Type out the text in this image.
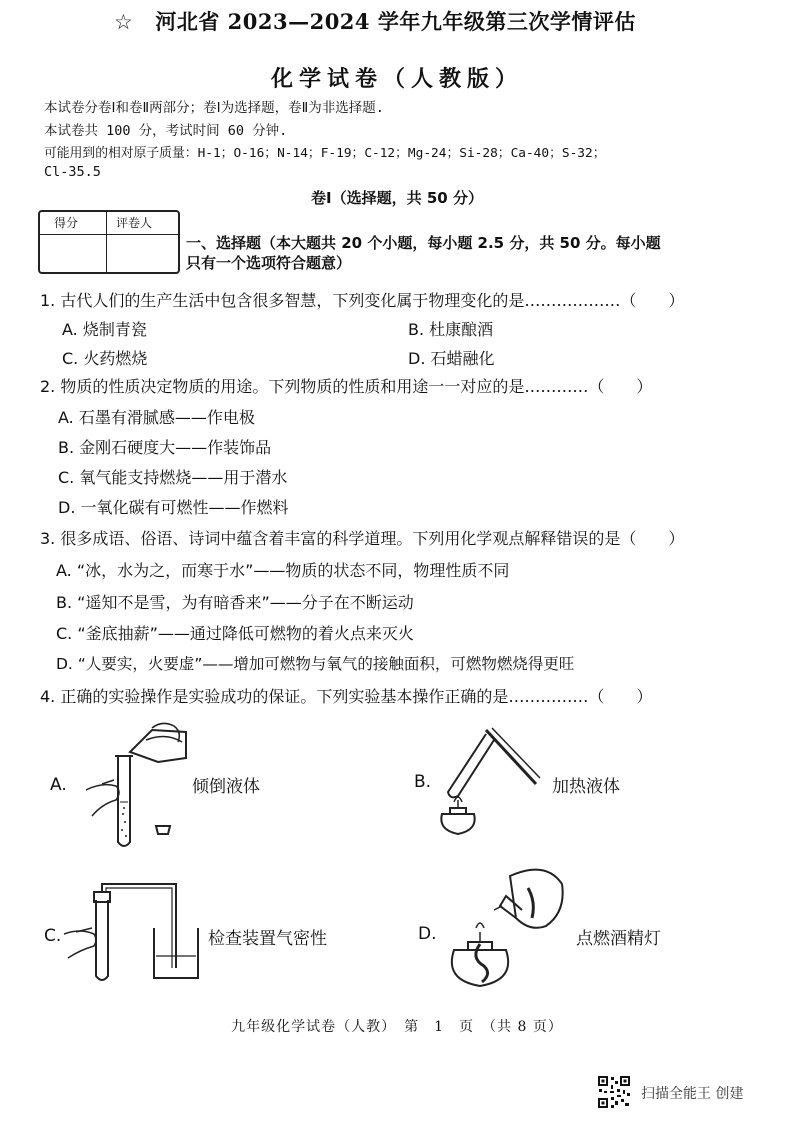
☆ 河北省 2023—2024 学年九年级第三次学情评估
化学试卷（人教版）
本试卷分卷Ⅰ和卷Ⅱ两部分；卷Ⅰ为选择题，卷Ⅱ为非选择题.
本试卷共 100 分，考试时间 60 分钟.
可能用到的相对原子质量：H-1；O-16；N-14；F-19；C-12；Mg-24；Si-28；Ca-40；S-32；
Cl-35.5
卷Ⅰ（选择题，共 50 分）
得分	评卷人
一、选择题（本大题共 20 个小题，每小题 2.5 分，共 50 分。每小题
只有一个选项符合题意）
1. 古代人们的生产生活中包含很多智慧，下列变化属于物理变化的是………………（　　）
A. 烧制青瓷	B. 杜康酿酒
C. 火药燃烧	D. 石蜡融化
2. 物质的性质决定物质的用途。下列物质的性质和用途一一对应的是…………（　　）
A. 石墨有滑腻感——作电极
B. 金刚石硬度大——作装饰品
C. 氧气能支持燃烧——用于潜水
D. 一氧化碳有可燃性——作燃料
3. 很多成语、俗语、诗词中蕴含着丰富的科学道理。下列用化学观点解释错误的是（　　）
A. “冰，水为之，而寒于水”——物质的状态不同，物理性质不同
B. “遥知不是雪，为有暗香来”——分子在不断运动
C. “釜底抽薪”——通过降低可燃物的着火点来灭火
D. “人要实，火要虚”——增加可燃物与氧气的接触面积，可燃物燃烧得更旺
4. 正确的实验操作是实验成功的保证。下列实验基本操作正确的是……………（　　）
A.	倾倒液体	B.	加热液体
C.	检查装置气密性	D.	点燃酒精灯
九年级化学试卷（人教）　第　1　页　（共 8 页）
扫描全能王 创建
